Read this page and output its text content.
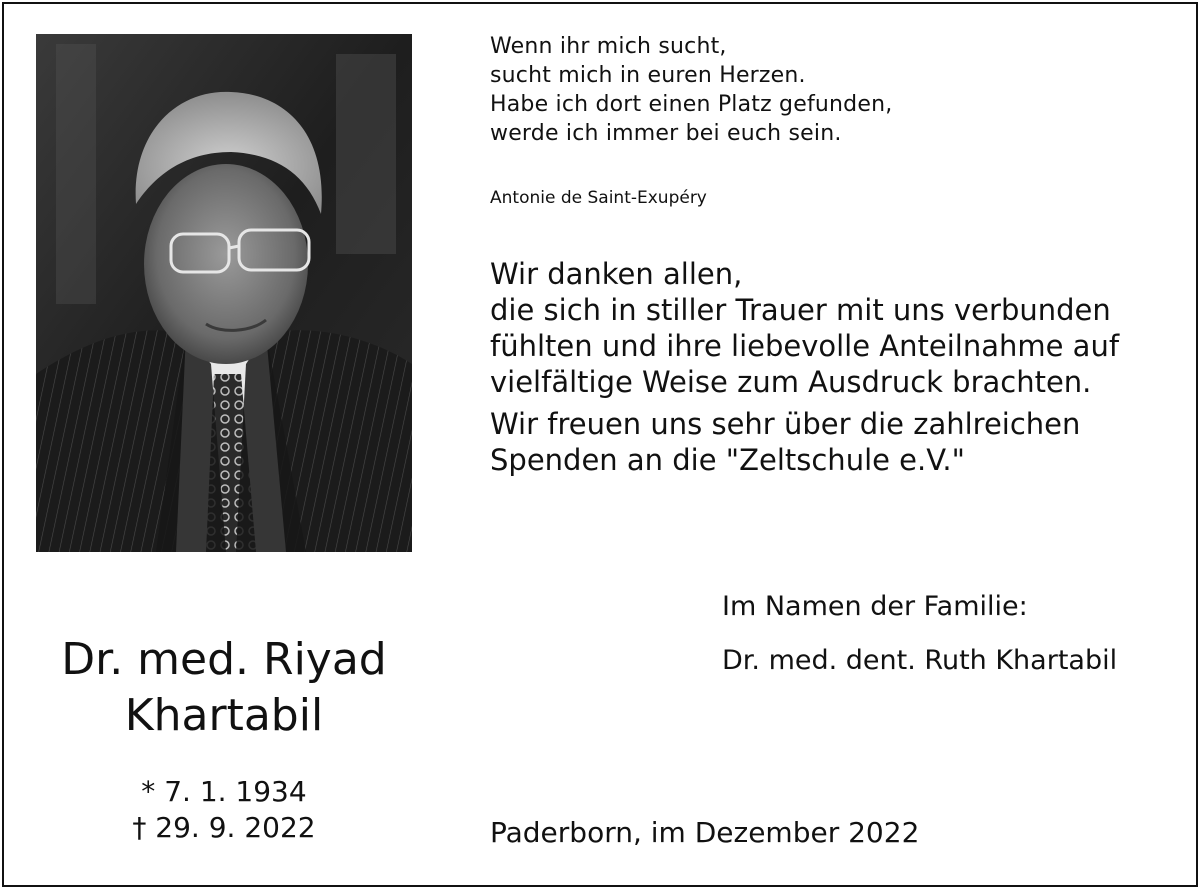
Wenn ihr mich sucht,
sucht mich in euren Herzen.
Habe ich dort einen Platz gefunden,
werde ich immer bei euch sein.
Antonie de Saint-Exupéry
Wir danken allen,
die sich in stiller Trauer mit uns verbunden
fühlten und ihre liebevolle Anteilnahme auf
vielfältige Weise zum Ausdruck brachten.
Wir freuen uns sehr über die zahlreichen
Spenden an die "Zeltschule e.V."
Im Namen der Familie:
Dr. med. dent. Ruth Khartabil
Dr. med. Riyad
Khartabil
* 7. 1. 1934
† 29. 9. 2022	Paderborn, im Dezember 2022
